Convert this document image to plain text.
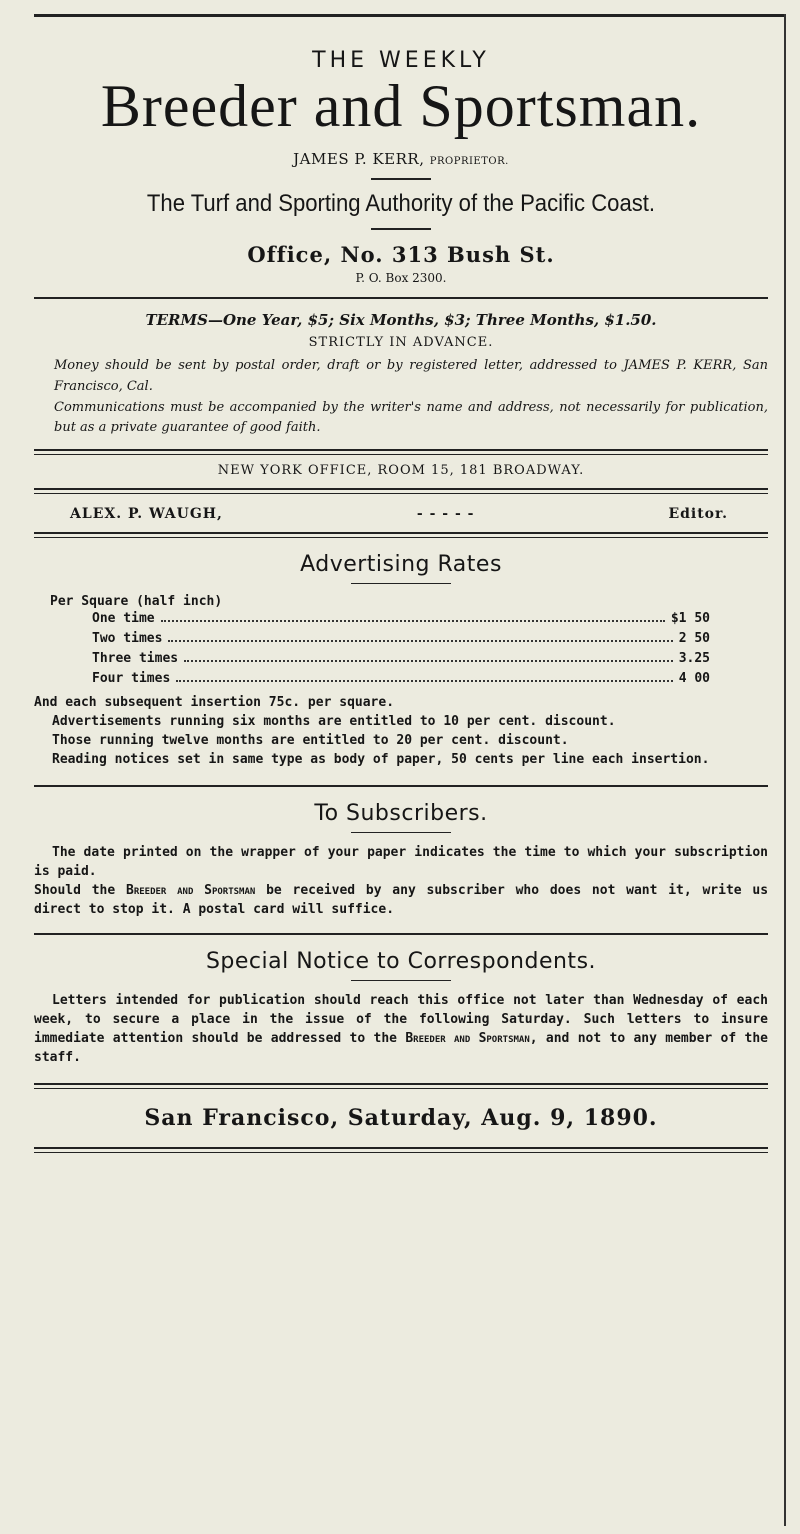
THE WEEKLY
Breeder and Sportsman.
JAMES P. KERR, PROPRIETOR.
The Turf and Sporting Authority of the Pacific Coast.
Office, No. 313 Bush St.
P. O. Box 2300.
TERMS—One Year, $5; Six Months, $3; Three Months, $1.50.
STRICTLY IN ADVANCE.
Money should be sent by postal order, draft or by registered letter, addressed to JAMES P. KERR, San Francisco, Cal.
Communications must be accompanied by the writer's name and address, not necessarily for publication, but as a private guarantee of good faith.
NEW YORK OFFICE, ROOM 15, 181 BROADWAY.
ALEX. P. WAUGH,	- - - - -	Editor.
Advertising Rates
Per Square (half inch)
One time	$1 50
Two times	2 50
Three times	3.25
Four times	4 00

And each subsequent insertion 75c. per square.

Advertisements running six months are entitled to 10 per cent. discount.

Those running twelve months are entitled to 20 per cent. discount.

Reading notices set in same type as body of paper, 50 cents per line each insertion.

To Subscribers.

The date printed on the wrapper of your paper indicates the time to which your subscription is paid.

Should the Breeder and Sportsman be received by any subscriber who does not want it, write us direct to stop it. A postal card will suffice.

Special Notice to Correspondents.

Letters intended for publication should reach this office not later than Wednesday of each week, to secure a place in the issue of the following Saturday. Such letters to insure immediate attention should be addressed to the Breeder and Sportsman, and not to any member of the staff.

San Francisco, Saturday, Aug. 9, 1890.
